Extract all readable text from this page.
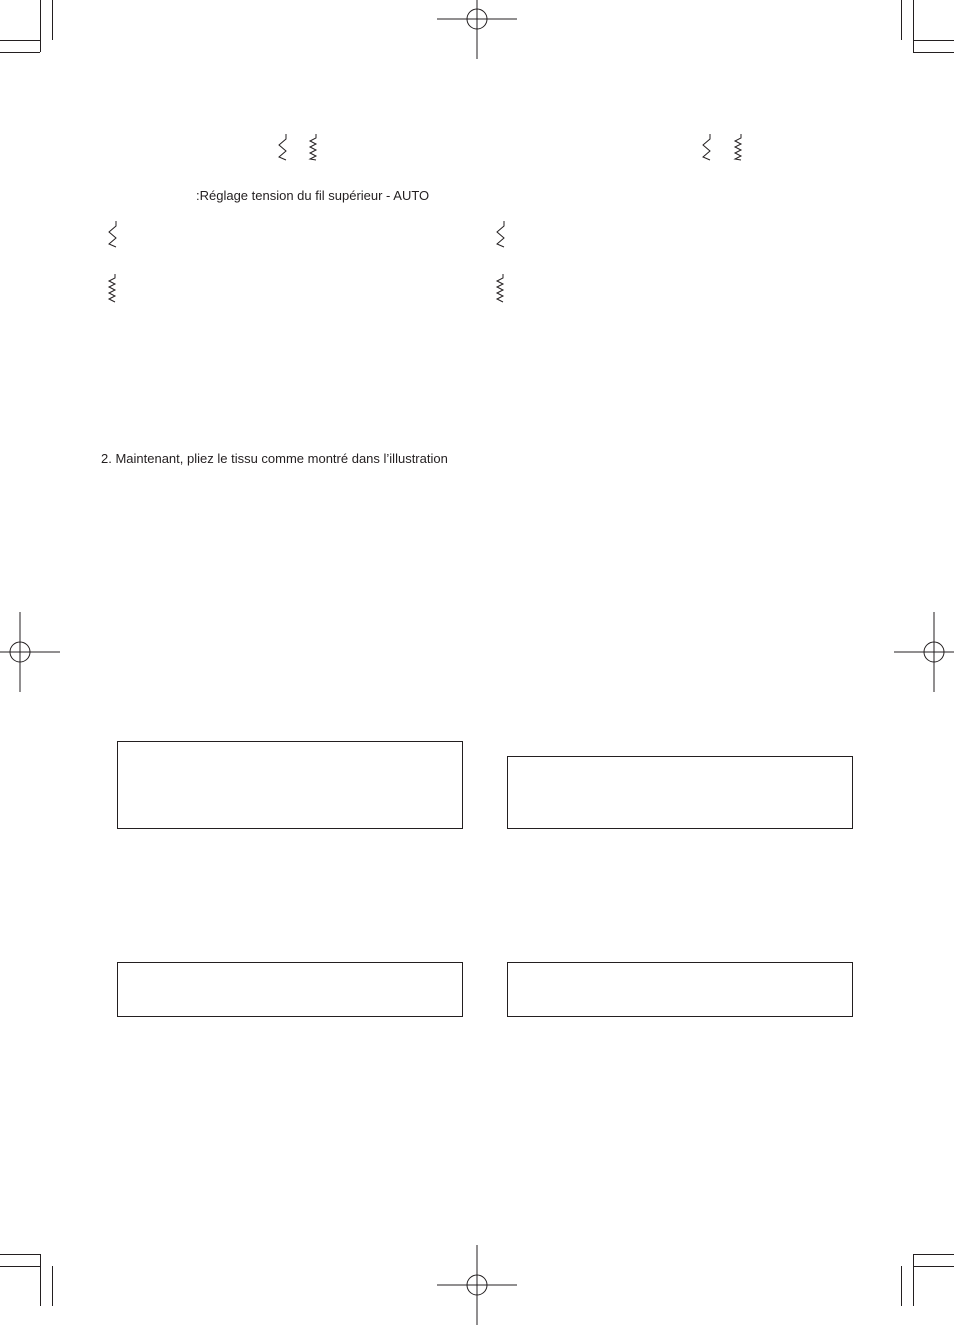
:Réglage tension du fil supérieur - AUTO
2. Maintenant, pliez le tissu comme montré dans l’illustration
